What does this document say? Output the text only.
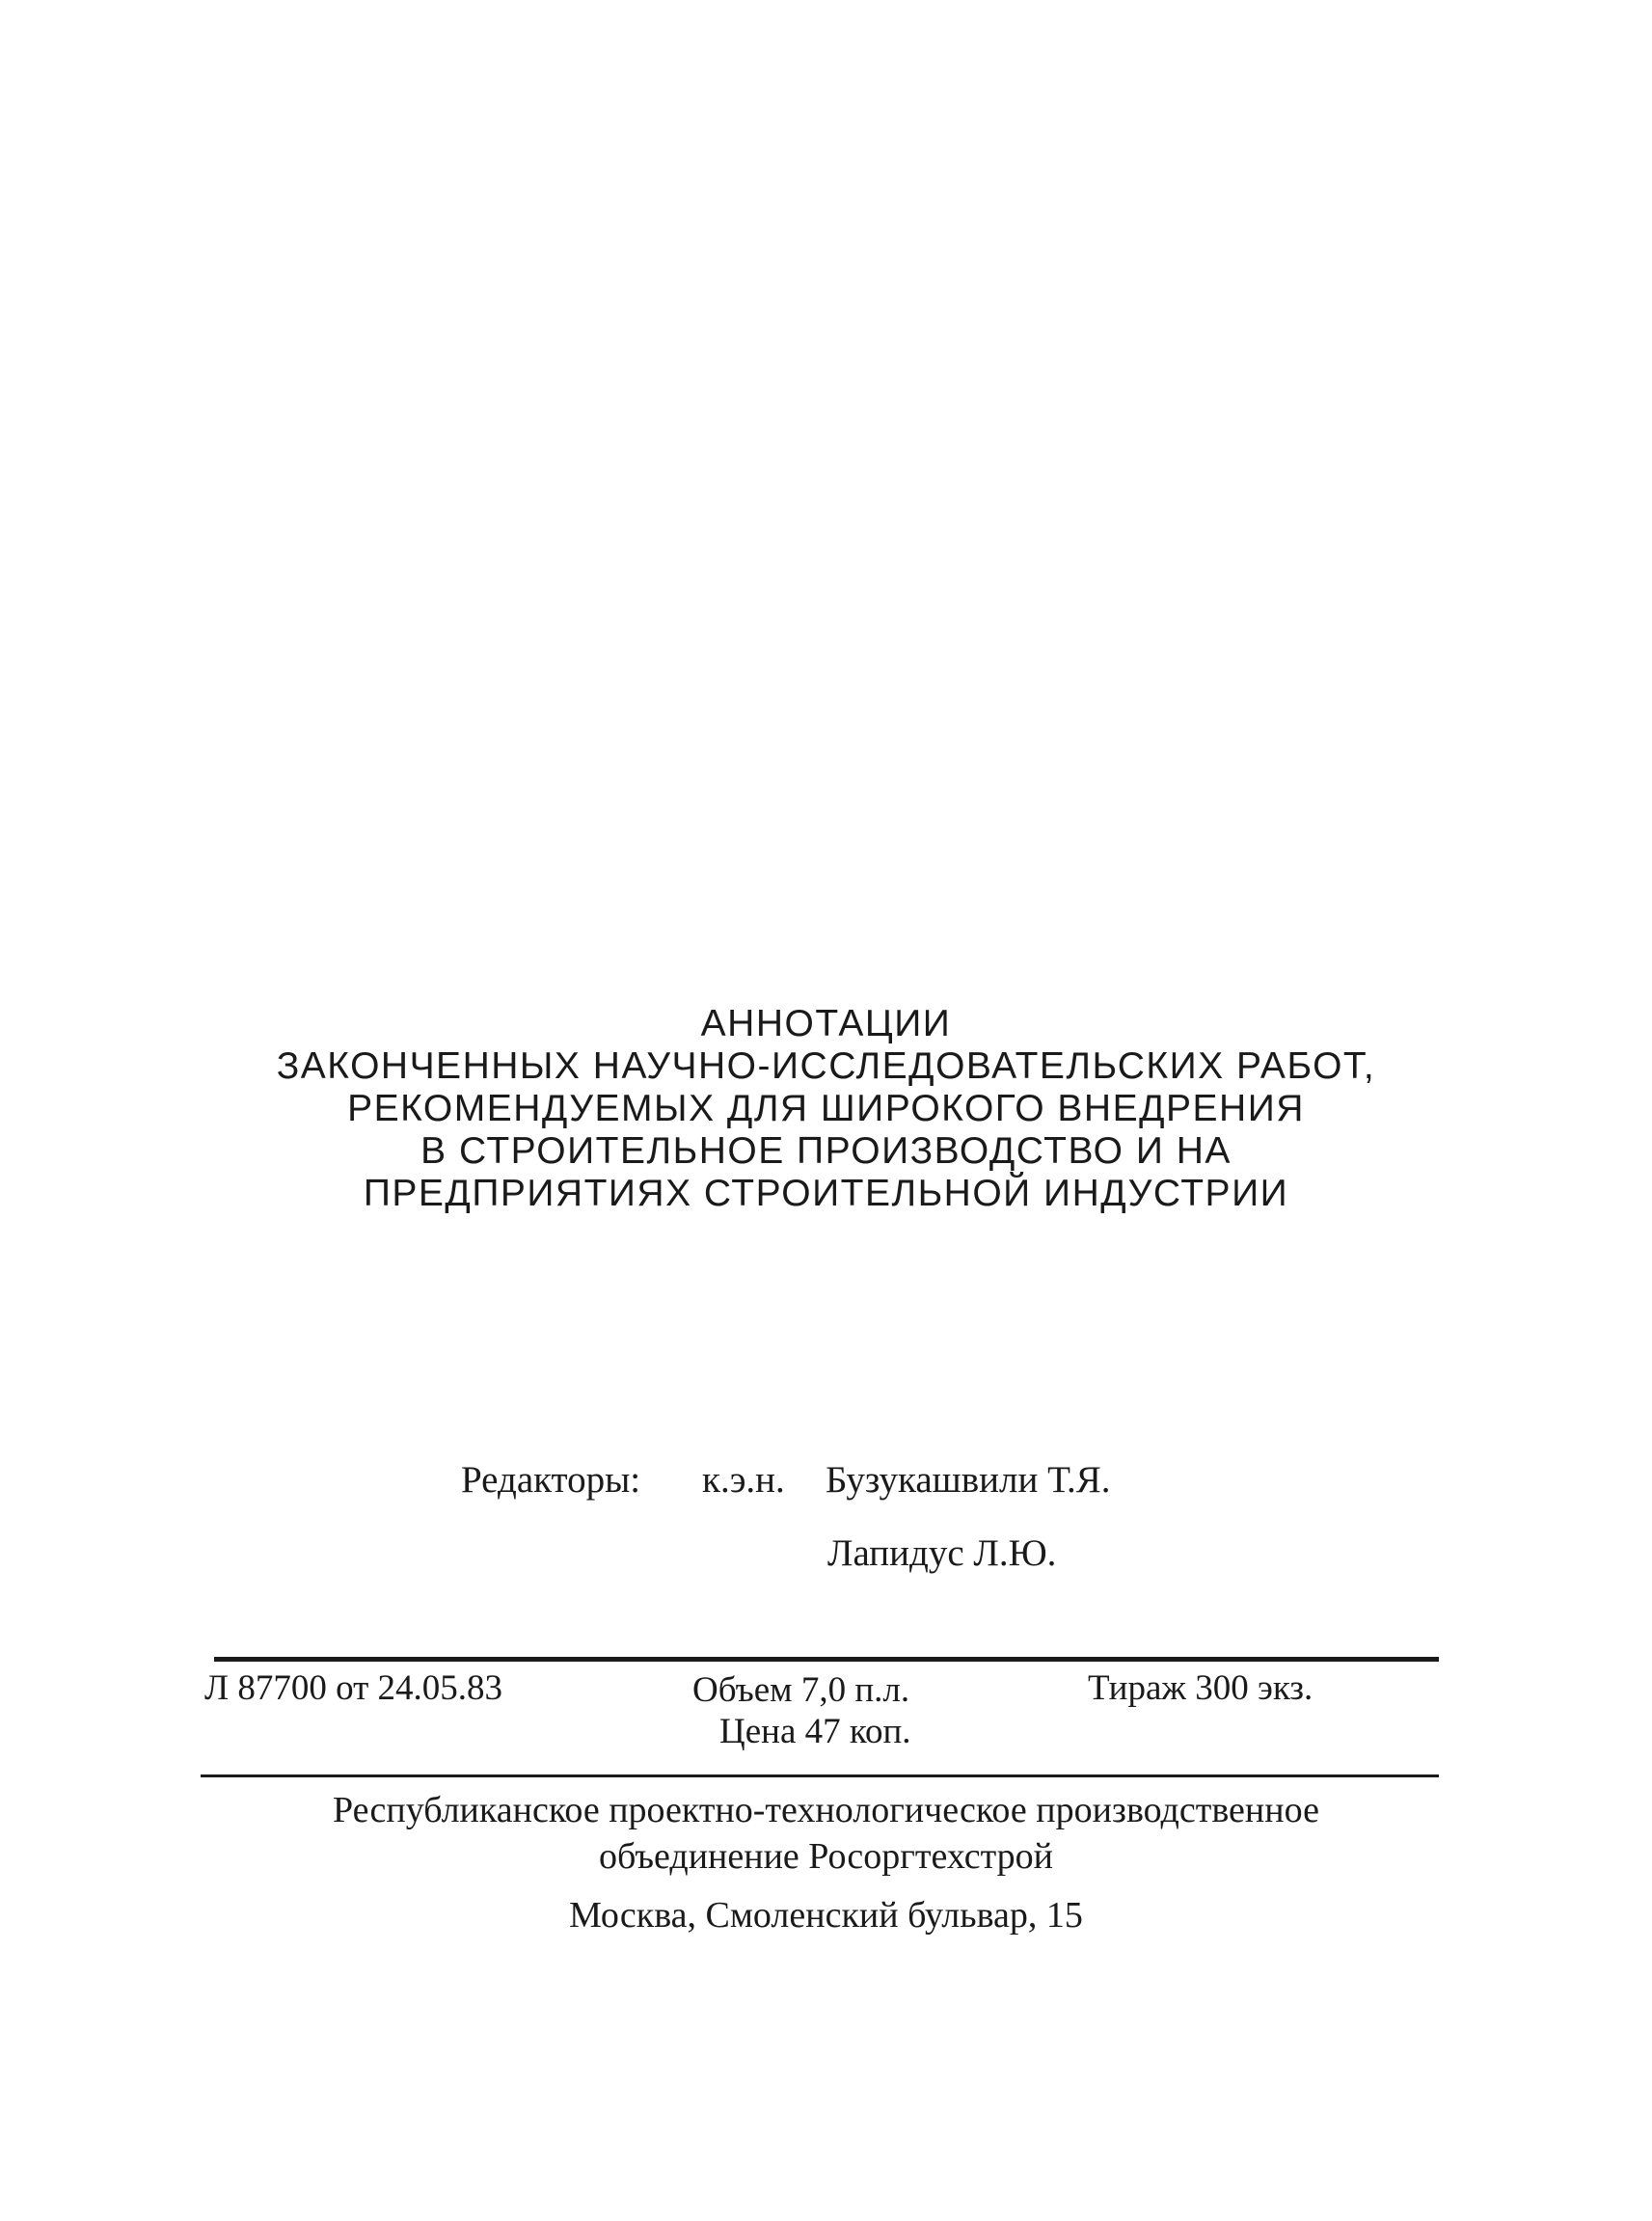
АННОТАЦИИ
ЗАКОНЧЕННЫХ НАУЧНО-ИССЛЕДОВАТЕЛЬСКИХ РАБОТ,
РЕКОМЕНДУЕМЫХ ДЛЯ ШИРОКОГО ВНЕДРЕНИЯ
В СТРОИТЕЛЬНОЕ ПРОИЗВОДСТВО И НА
ПРЕДПРИЯТИЯХ СТРОИТЕЛЬНОЙ ИНДУСТРИИ
Редакторы: к.э.н. Бузукашвили Т.Я.
Лапидус Л.Ю.
Л 87700 от 24.05.83	Объем 7,0 п.л.	Тираж 300 экз.
Цена 47 коп.
Республиканское проектно-технологическое производственное
объединение Росоргтехстрой
Москва, Смоленский бульвар, 15
